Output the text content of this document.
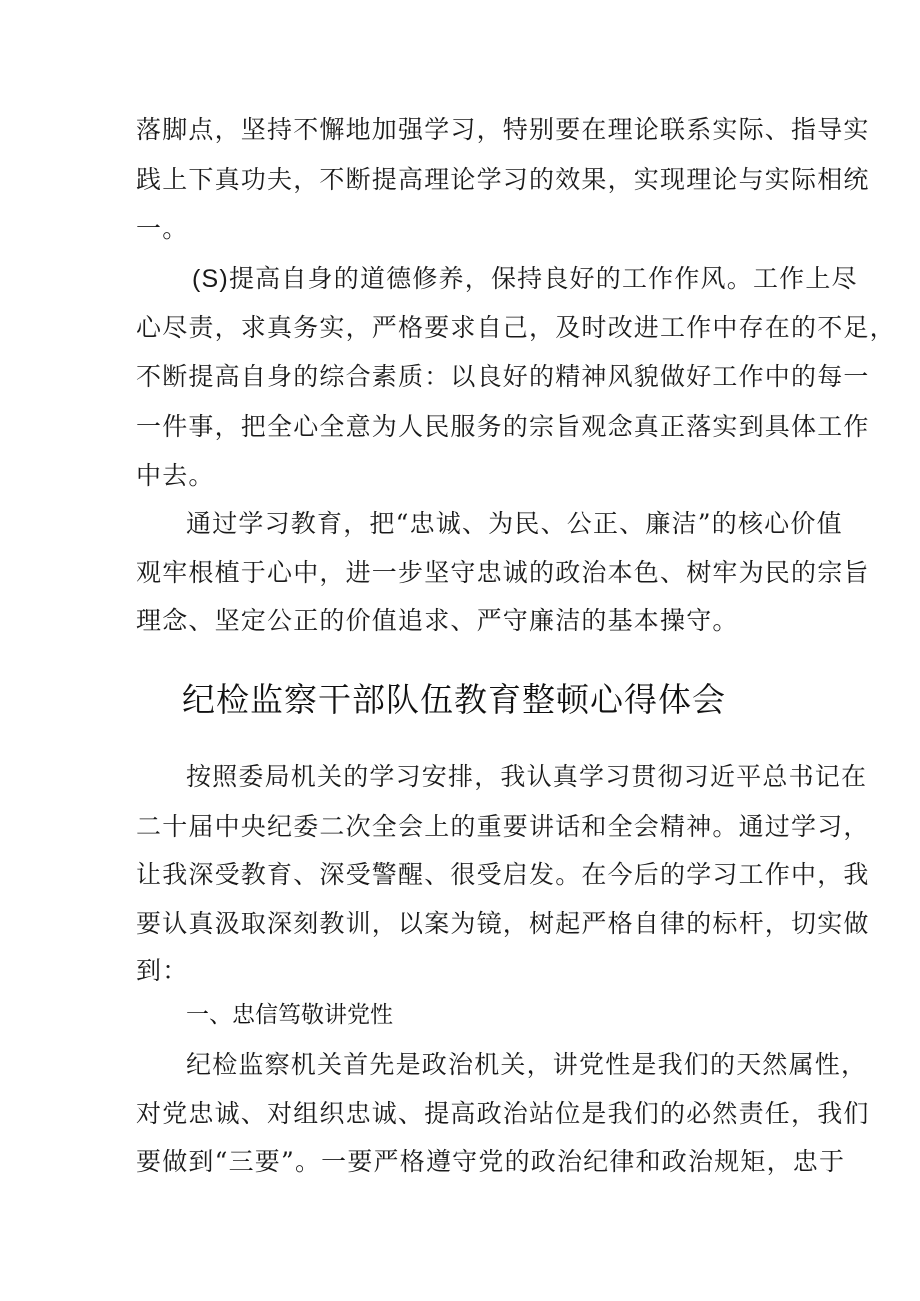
落脚点，坚持不懈地加强学习，特别要在理论联系实际、指导实
践上下真功夫，不断提高理论学习的效果，实现理论与实际相统
一。
(S)提高自身的道德修养，保持良好的工作作风。工作上尽
心尽责，求真务实，严格要求自己，及时改进工作中存在的不足，
不断提高自身的综合素质：以良好的精神风貌做好工作中的每一
一件事，把全心全意为人民服务的宗旨观念真正落实到具体工作
中去。
通过学习教育，把“忠诚、为民、公正、廉洁”的核心价值
观牢根植于心中，进一步坚守忠诚的政治本色、树牢为民的宗旨
理念、坚定公正的价值追求、严守廉洁的基本操守。
纪检监察干部队伍教育整顿心得体会
按照委局机关的学习安排，我认真学习贯彻习近平总书记在
二十届中央纪委二次全会上的重要讲话和全会精神。通过学习，
让我深受教育、深受警醒、很受启发。在今后的学习工作中，我
要认真汲取深刻教训，以案为镜，树起严格自律的标杆，切实做
到：
一、忠信笃敬讲党性
纪检监察机关首先是政治机关，讲党性是我们的天然属性，
对党忠诚、对组织忠诚、提高政治站位是我们的必然责任，我们
要做到“三要”。一要严格遵守党的政治纪律和政治规矩，忠于
